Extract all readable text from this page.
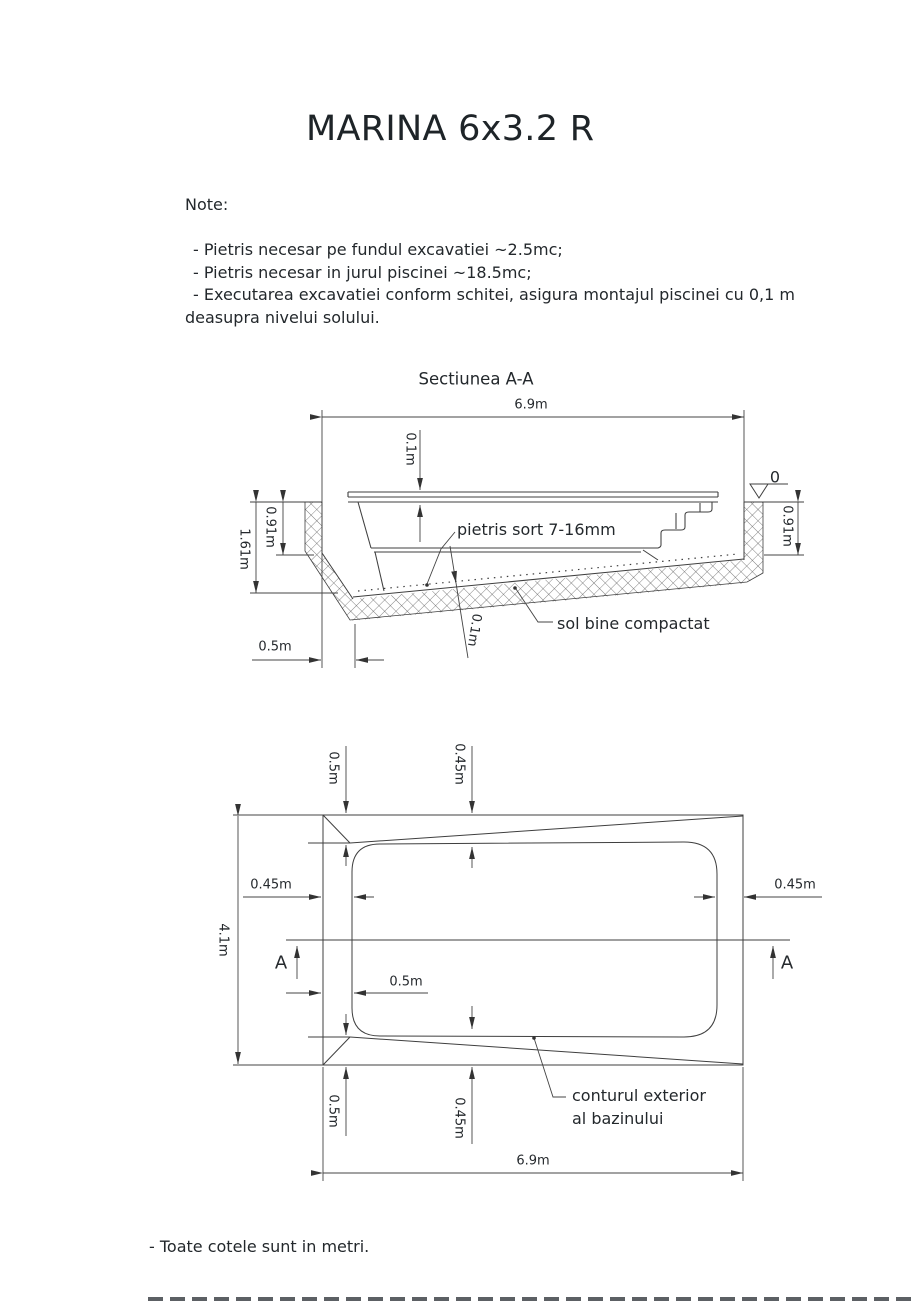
MARINA 6x3.2 R
Note:
- Pietris necesar pe fundul excavatiei ~2.5mc;
- Pietris necesar in jurul piscinei ~18.5mc;
- Executarea excavatiei conform schitei, asigura montajul piscinei cu 0,1 m deasupra nivelui solului.
Sectiunea A-A
6.9m
0.1m
0
0.91m
1.61m
0.91m
pietris sort 7-16mm
sol bine compactat
0.5m	0.1m
0.5m	0.45m
0.45m	0.45m
4.1m
A	A
0.5m
0.5m	0.45m
conturul exterior
al bazinului
6.9m
- Toate cotele sunt in metri.
